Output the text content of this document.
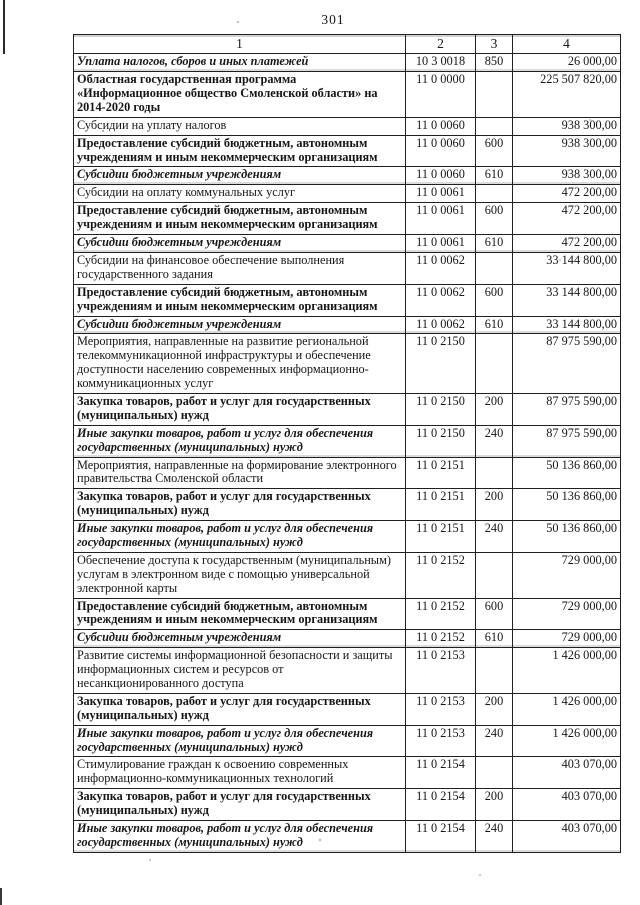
301
1	2	3	4
Уплата налогов, сборов и иных платежей	10 3 0018	850	26 000,00
Областная государственная программа «Информационное общество Смоленской области» на 2014-2020 годы	11 0 0000		225 507 820,00
Субсидии на уплату налогов	11 0 0060		938 300,00
Предоставление субсидий бюджетным, автономным учреждениям и иным некоммерческим организациям	11 0 0060	600	938 300,00
Субсидии бюджетным учреждениям	11 0 0060	610	938 300,00
Субсидии на оплату коммунальных услуг	11 0 0061		472 200,00
Предоставление субсидий бюджетным, автономным учреждениям и иным некоммерческим организациям	11 0 0061	600	472 200,00
Субсидии бюджетным учреждениям	11 0 0061	610	472 200,00
Субсидии на финансовое обеспечение выполнения государственного задания	11 0 0062		33 144 800,00
Предоставление субсидий бюджетным, автономным учреждениям и иным некоммерческим организациям	11 0 0062	600	33 144 800,00
Субсидии бюджетным учреждениям	11 0 0062	610	33 144 800,00
Мероприятия, направленные на развитие региональной телекоммуникационной инфраструктуры и обеспечение доступности населению современных информационно-коммуникационных услуг	11 0 2150		87 975 590,00
Закупка товаров, работ и услуг для государственных (муниципальных) нужд	11 0 2150	200	87 975 590,00
Иные закупки товаров, работ и услуг для обеспечения государственных (муниципальных) нужд	11 0 2150	240	87 975 590,00
Мероприятия, направленные на формирование электронного правительства Смоленской области	11 0 2151		50 136 860,00
Закупка товаров, работ и услуг для государственных (муниципальных) нужд	11 0 2151	200	50 136 860,00
Иные закупки товаров, работ и услуг для обеспечения государственных (муниципальных) нужд	11 0 2151	240	50 136 860,00
Обеспечение доступа к государственным (муниципальным) услугам в электронном виде с помощью универсальной электронной карты	11 0 2152		729 000,00
Предоставление субсидий бюджетным, автономным учреждениям и иным некоммерческим организациям	11 0 2152	600	729 000,00
Субсидии бюджетным учреждениям	11 0 2152	610	729 000,00
Развитие системы информационной безопасности и защиты информационных систем и ресурсов от несанкционированного доступа	11 0 2153		1 426 000,00
Закупка товаров, работ и услуг для государственных (муниципальных) нужд	11 0 2153	200	1 426 000,00
Иные закупки товаров, работ и услуг для обеспечения государственных (муниципальных) нужд	11 0 2153	240	1 426 000,00
Стимулирование граждан к освоению современных информационно-коммуникационных технологий	11 0 2154		403 070,00
Закупка товаров, работ и услуг для государственных (муниципальных) нужд	11 0 2154	200	403 070,00
Иные закупки товаров, работ и услуг для обеспечения государственных (муниципальных) нужд	11 0 2154	240	403 070,00
